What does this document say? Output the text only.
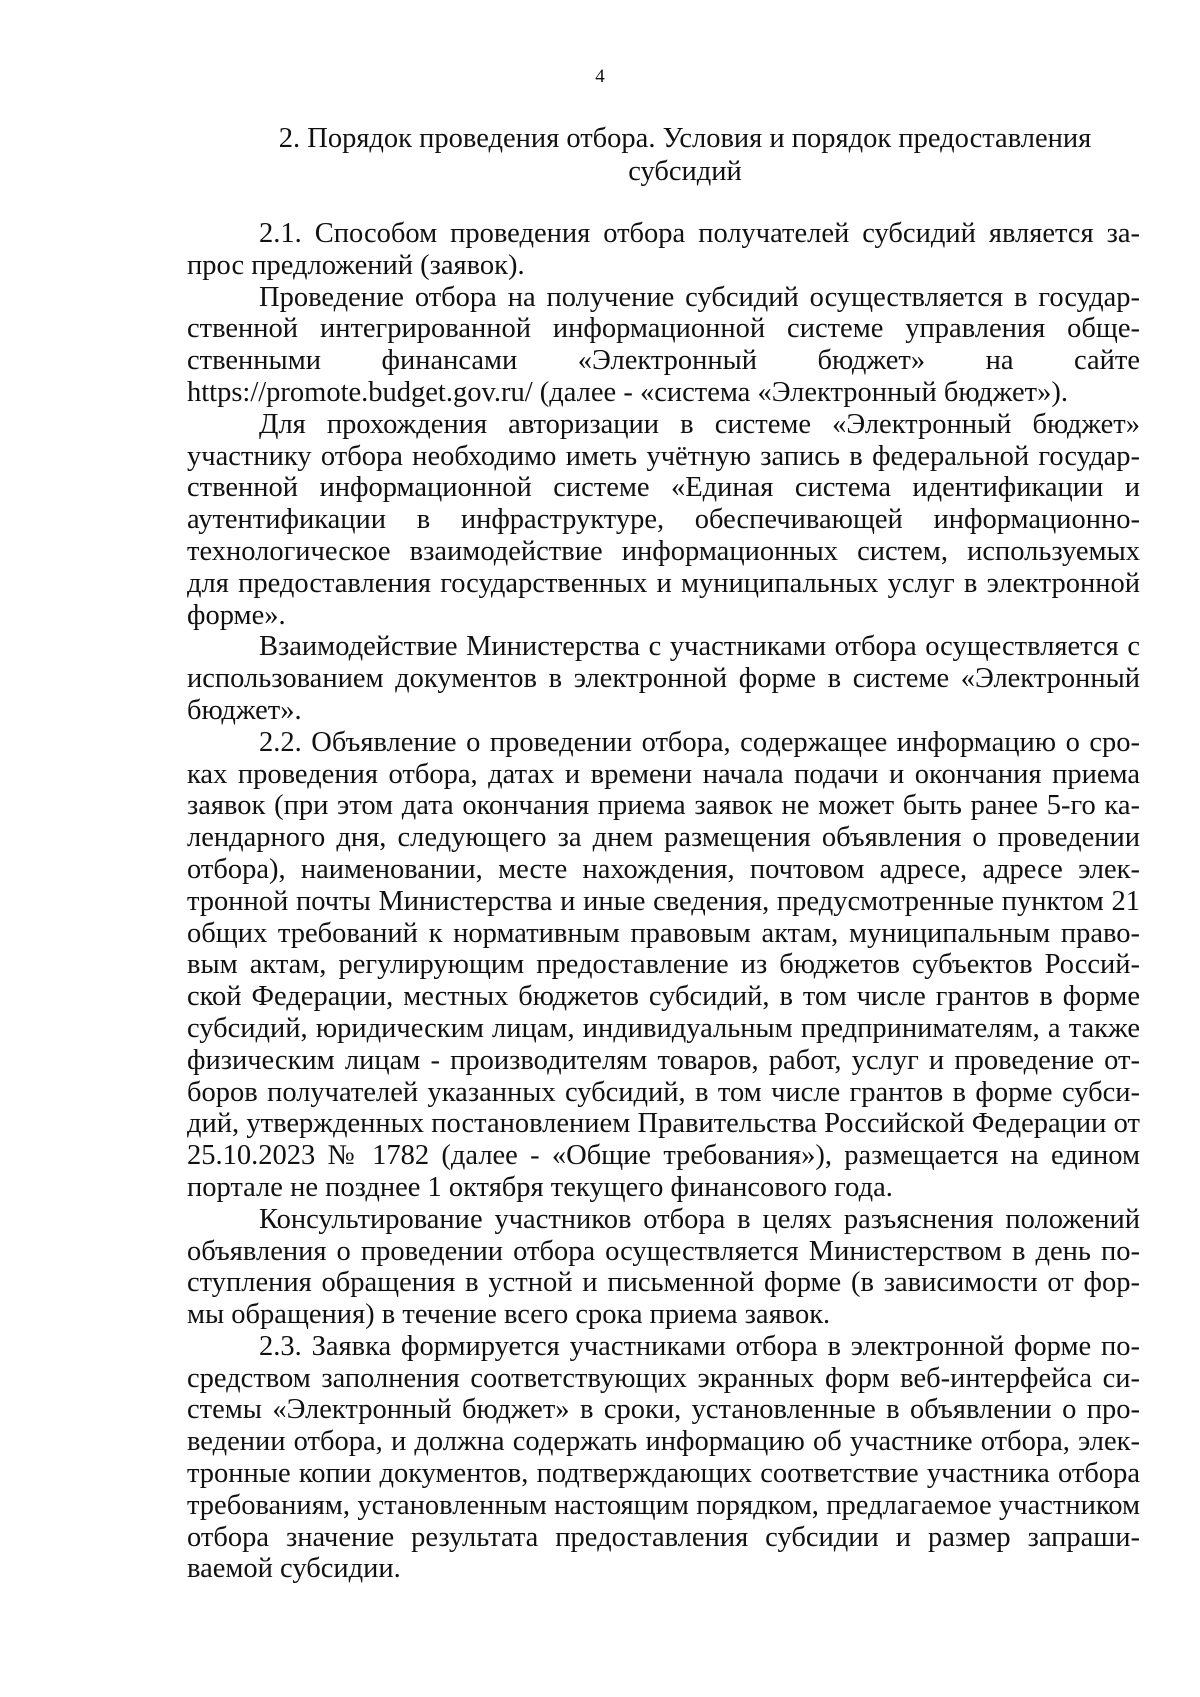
4
2. Порядок проведения отбора. Условия и порядок предоставления субсидий

2.1. Способом проведения отбора получателей субсидий является запрос предложений (заявок).

Проведение отбора на получение субсидий осуществляется в государственной интегрированной информационной системе управления общественными финансами «Электронный бюджет» на сайте https://promote.budget.gov.ru/ (далее - «система «Электронный бюджет»).

Для прохождения авторизации в системе «Электронный бюджет» участнику отбора необходимо иметь учётную запись в федеральной государственной информационной системе «Единая система идентификации и аутентификации в инфраструктуре, обеспечивающей информационно-технологическое взаимодействие информационных систем, используемых для предоставления государственных и муниципальных услуг в электронной форме».

Взаимодействие Министерства с участниками отбора осуществляется с использованием документов в электронной форме в системе «Электронный бюджет».

2.2. Объявление о проведении отбора, содержащее информацию о сроках проведения отбора, датах и времени начала подачи и окончания приема заявок (при этом дата окончания приема заявок не может быть ранее 5-го календарного дня, следующего за днем размещения объявления о проведении отбора), наименовании, месте нахождения, почтовом адресе, адресе электронной почты Министерства и иные сведения, предусмотренные пунктом 21 общих требований к нормативным правовым актам, муниципальным правовым актам, регулирующим предоставление из бюджетов субъектов Российской Федерации, местных бюджетов субсидий, в том числе грантов в форме субсидий, юридическим лицам, индивидуальным предпринимателям, а также физическим лицам - производителям товаров, работ, услуг и проведение отборов получателей указанных субсидий, в том числе грантов в форме субсидий, утвержденных постановлением Правительства Российской Федерации от 25.10.2023 № 1782 (далее - «Общие требования»), размещается на едином портале не позднее 1 октября текущего финансового года.

Консультирование участников отбора в целях разъяснения положений объявления о проведении отбора осуществляется Министерством в день поступления обращения в устной и письменной форме (в зависимости от формы обращения) в течение всего срока приема заявок.

2.3. Заявка формируется участниками отбора в электронной форме посредством заполнения соответствующих экранных форм веб-интерфейса системы «Электронный бюджет» в сроки, установленные в объявлении о проведении отбора, и должна содержать информацию об участнике отбора, электронные копии документов, подтверждающих соответствие участника отбора требованиям, установленным настоящим порядком, предлагаемое участником отбора значение результата предоставления субсидии и размер запрашиваемой субсидии.
